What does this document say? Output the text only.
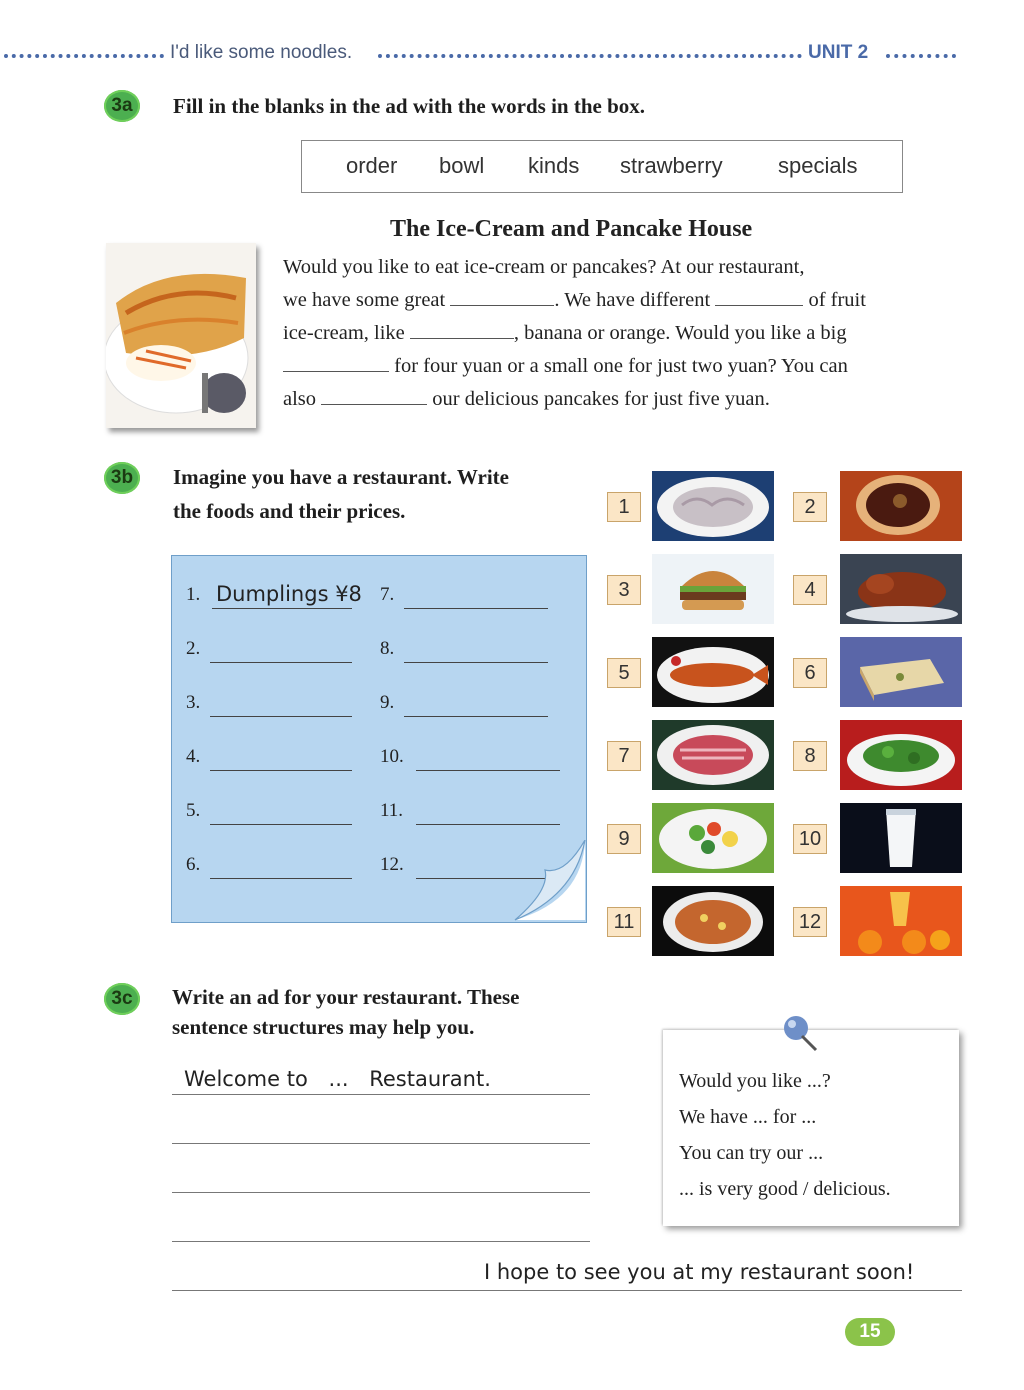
I'd like some noodles.	UNIT 2
3a	Fill in the blanks in the ad with the words in the box.
order bowl kinds strawberry	specials
The Ice-Cream and Pancake House
Would you like to eat ice-cream or pancakes? At our restaurant,
we have some great	. We have different	of fruit
ice-cream, like	, banana or orange. Would you like a big
for four yuan or a small one for just two yuan? You can
also	our delicious pancakes for just five yuan.
3b	Imagine you have a restaurant. Write
the foods and their prices.
1. Dumplings ¥8
2.
3.
4.
5.
6.
7.
8.
9.
10.
11.
12.
1	2
3	4
5	6
7	8
9	10
11	12
3c	Write an ad for your restaurant. These
sentence structures may help you.
Welcome to ... Restaurant.
I hope to see you at my restaurant soon!
Would you like ...?
We have ... for ...
You can try our ...
... is very good / delicious.
15
